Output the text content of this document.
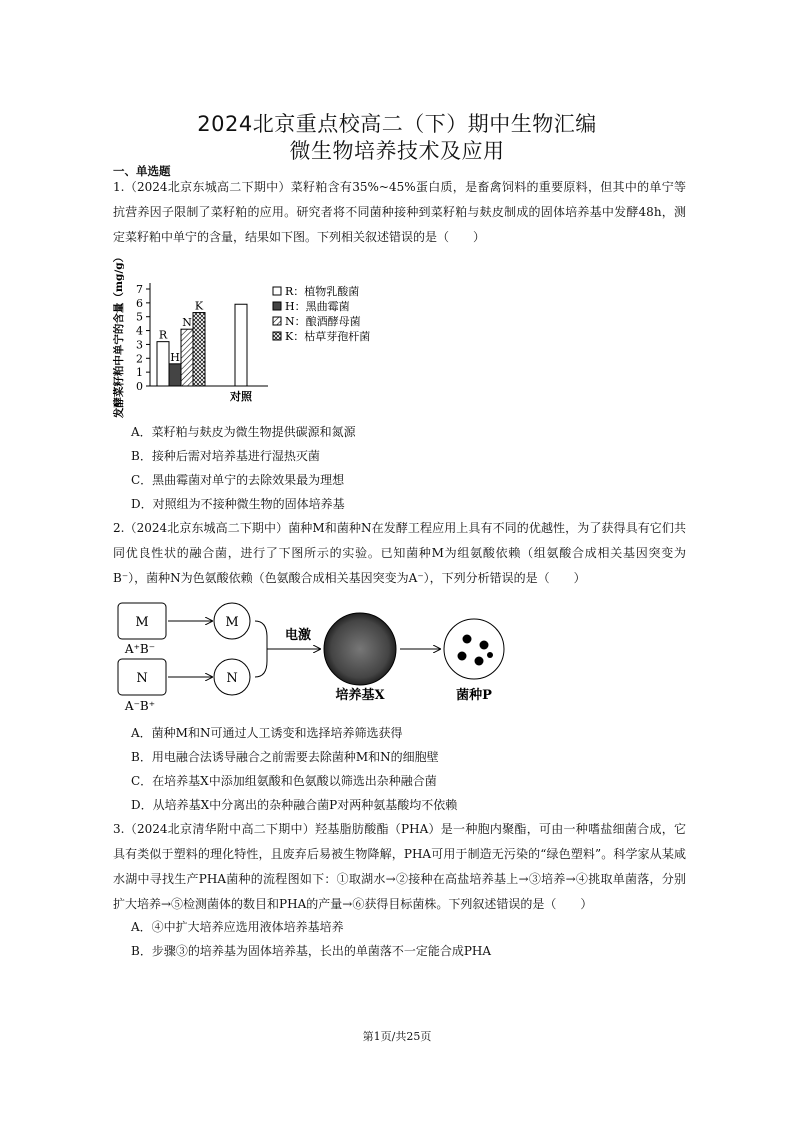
2024北京重点校高二（下）期中生物汇编
微生物培养技术及应用
一、单选题
1.（2024北京东城高二下期中）菜籽粕含有35%~45%蛋白质，是畜禽饲料的重要原料，但其中的单宁等抗营养因子限制了菜籽粕的应用。研究者将不同菌种接种到菜籽粕与麸皮制成的固体培养基中发酵48h，测定菜籽粕中单宁的含量，结果如下图。下列相关叙述错误的是（　　）
发酵菜籽粕中单宁的含量（mg/g） 0
1
2
3
4
5
6
7
R
H
N
K
对照
R：植物乳酸菌
H：黑曲霉菌
N：酿酒酵母菌
K：枯草芽孢杆菌
A．菜籽粕与麸皮为微生物提供碳源和氮源
B．接种后需对培养基进行湿热灭菌
C．黑曲霉菌对单宁的去除效果最为理想
D．对照组为不接种微生物的固体培养基
2.（2024北京东城高二下期中）菌种M和菌种N在发酵工程应用上具有不同的优越性，为了获得具有它们共同优良性状的融合菌，进行了下图所示的实验。已知菌种M为组氨酸依赖（组氨酸合成相关基因突变为B⁻），菌种N为色氨酸依赖（色氨酸合成相关基因突变为A⁻），下列分析错误的是（　　）
M
A⁺B⁻
N
A⁻B⁺
M
N
电激
培养基X	菌种P
A．菌种M和N可通过人工诱变和选择培养筛选获得
B．用电融合法诱导融合之前需要去除菌种M和N的细胞壁
C．在培养基X中添加组氨酸和色氨酸以筛选出杂种融合菌
D．从培养基X中分离出的杂种融合菌P对两种氨基酸均不依赖
3.（2024北京清华附中高二下期中）羟基脂肪酸酯（PHA）是一种胞内聚酯，可由一种嗜盐细菌合成，它具有类似于塑料的理化特性，且废弃后易被生物降解，PHA可用于制造无污染的“绿色塑料”。科学家从某咸水湖中寻找生产PHA菌种的流程图如下：①取湖水→②接种在高盐培养基上→③培养→④挑取单菌落，分别扩大培养→⑤检测菌体的数目和PHA的产量→⑥获得目标菌株。下列叙述错误的是（　　）
A．④中扩大培养应选用液体培养基培养
B．步骤③的培养基为固体培养基，长出的单菌落不一定能合成PHA
第1页/共25页
